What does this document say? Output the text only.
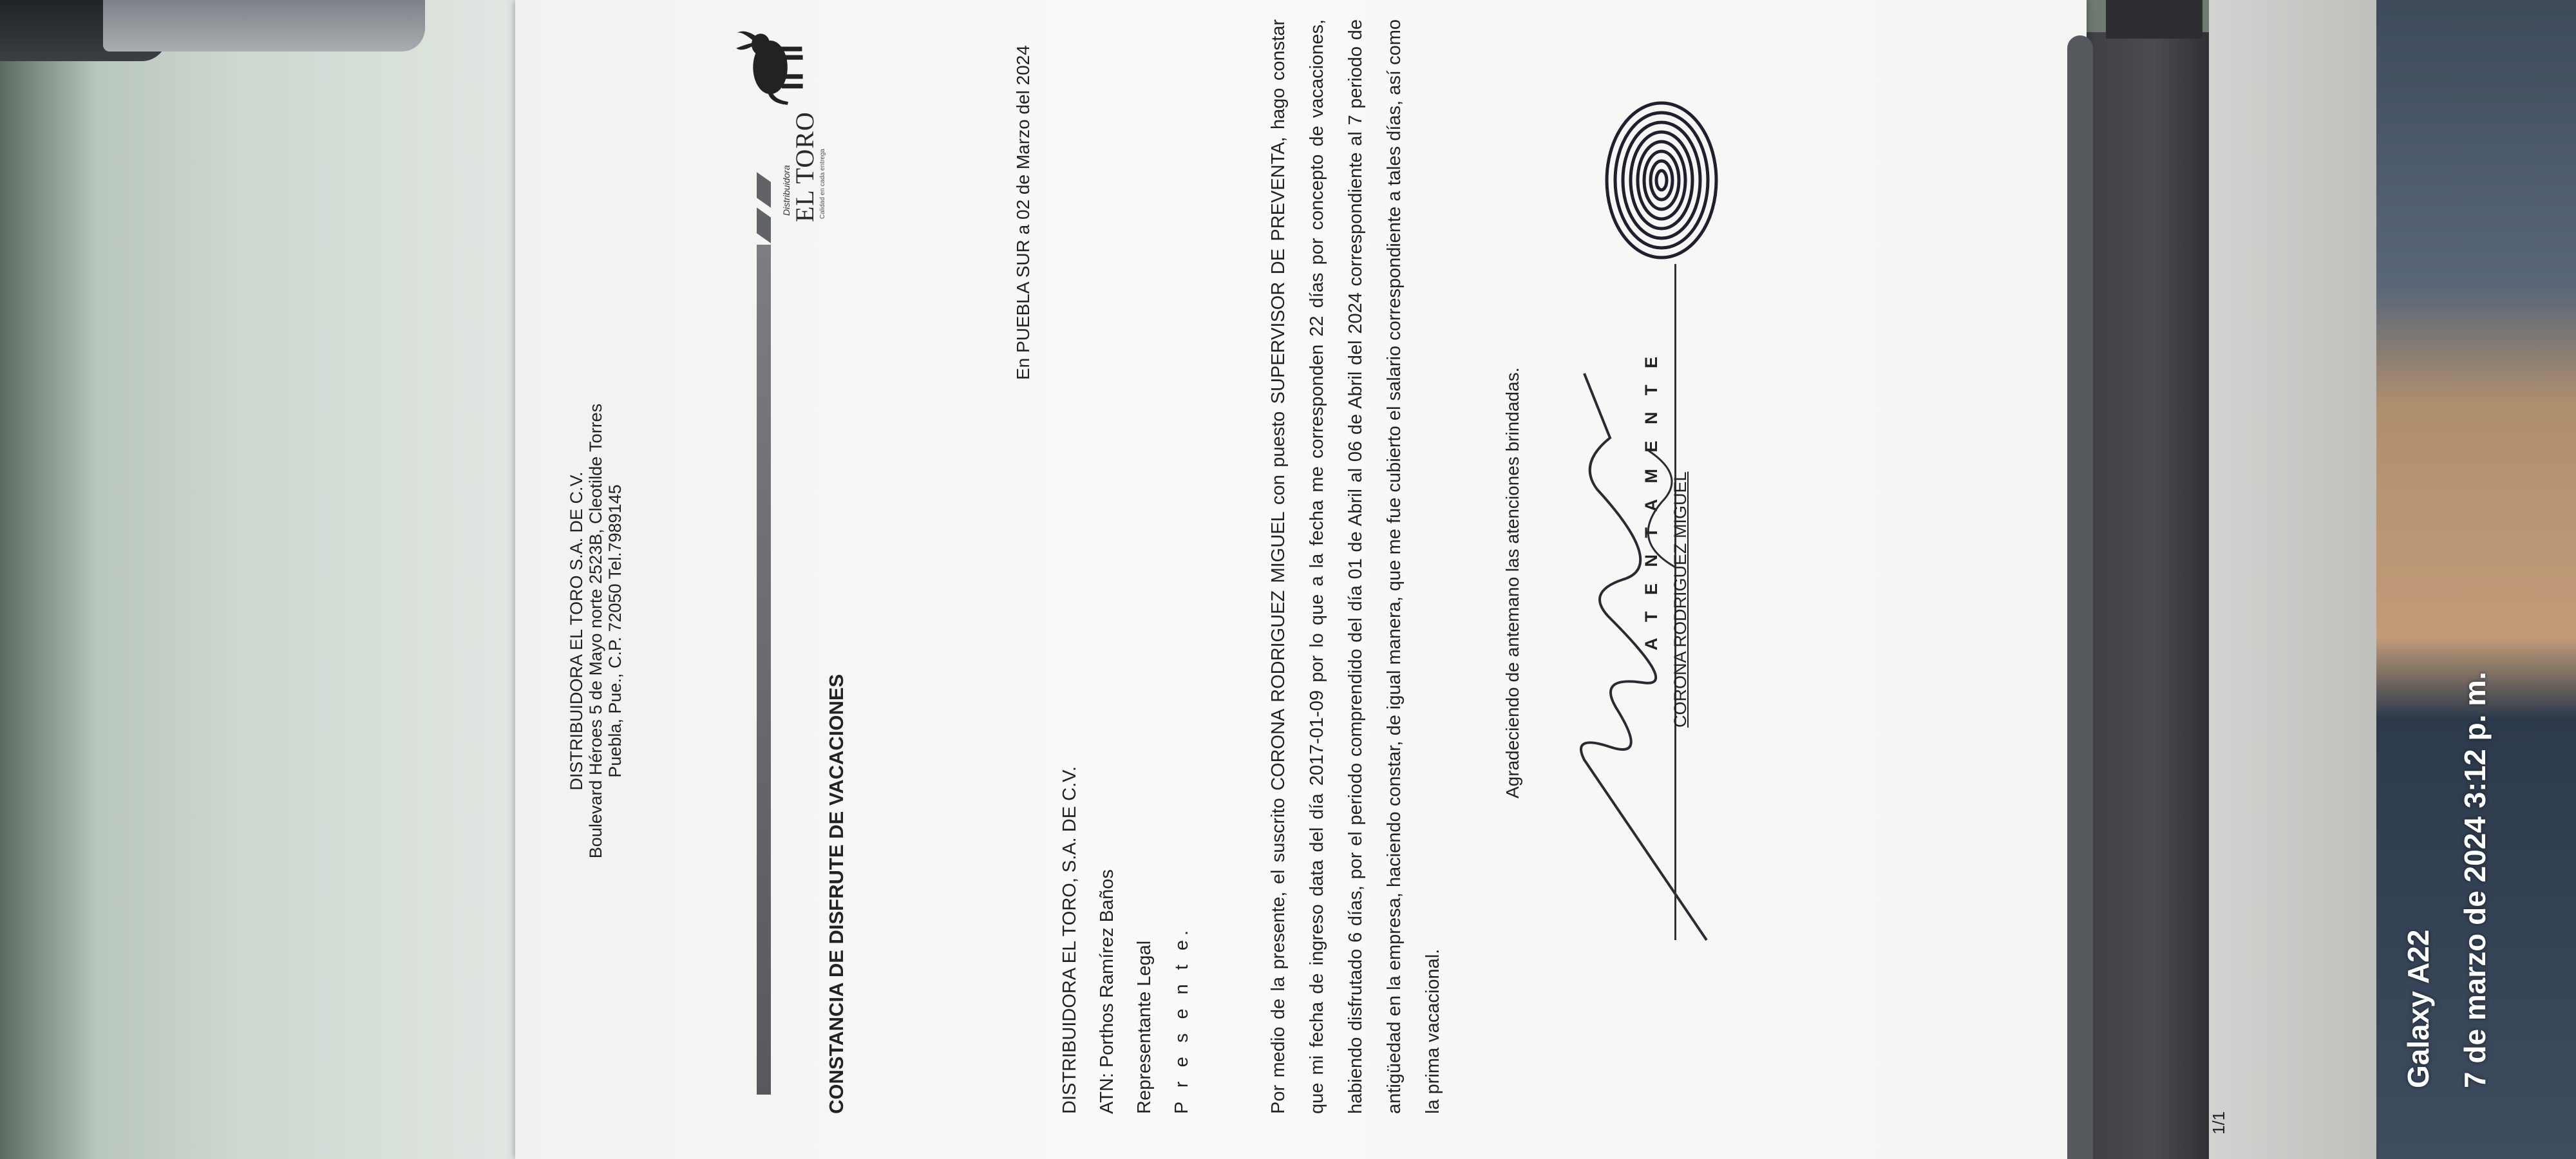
1/1
DISTRIBUIDORA EL TORO S.A. DE C.V. Boulevard Héroes 5 de Mayo norte 2523B, Cleotilde Torres Puebla, Pue., C.P. 72050 Tel.7989145
Distribuidora
EL TORO Calidad en cada entrega
CONSTANCIA DE DISFRUTE DE VACACIONES
En PUEBLA SUR a 02 de Marzo del 2024
DISTRIBUIDORA EL TORO, S.A. DE C.V. ATN: Porthos Ramírez Baños Representante Legal P r e s e n t e.	Por medio de la presente, el suscrito CORONA RODRIGUEZ MIGUEL con puesto SUPERVISOR DE PREVENTA, hago constar que mi fecha de ingreso data del día 2017-01-09 por lo que a la fecha me corresponden 22 días por concepto de vacaciones, habiendo disfrutado 6 días, por el periodo comprendido del día 01 de Abril al 06 de Abril del 2024 correspondiente al 7 periodo de antigüedad en la empresa, haciendo constar, de igual manera, que me fue cubierto el salario correspondiente a tales días, así como la prima vacacional.
Agradeciendo de antemano las atenciones brindadas.	A T E N T A M E N T E CORONA RODRIGUEZ MIGUEL
Galaxy A22 7 de marzo de 2024 3:12 p. m.
